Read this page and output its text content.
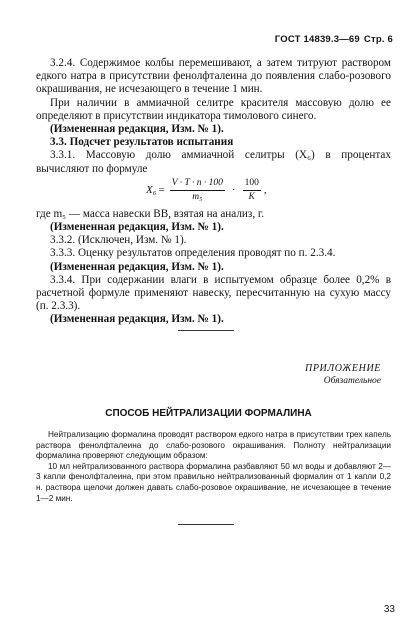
ГОСТ 14839.3—69 Стр. 6

3.2.4. Содержимое колбы перемешивают, а затем титруют раствором едкого натра в присутствии фенолфталеина до появления слабо-розового окрашивания, не исчезающего в течение 1 мин.

При наличии в аммиачной селитре красителя массовую долю ее определяют в присутствии индикатора тимолового синего.

(Измененная редакция, Изм. № 1).

3.3. Подсчет результатов испытания

3.3.1. Массовую долю аммиачной селитры (X₆) в процентах вычисляют по формуле

$X_6 = \frac{V \cdot T \cdot n \cdot 100}{\text{m₅}} \cdot \frac{100}{K}$ ,

где m₅ — масса навески ВВ, взятая на анализ, г.

(Измененная редакция, Изм. № 1).

3.3.2. (Исключен, Изм. № 1).

3.3.3. Оценку результатов определения проводят по п. 2.3.4.

(Измененная редакция, Изм. № 1).

3.3.4. При содержании влаги в испытуемом образце более 0,2% в расчетной формуле применяют навеску, пересчитанную на сухую массу (п. 2.3.3).

(Измененная редакция, Изм. № 1).

ПРИЛОЖЕНИЕ
Обязательное
СПОСОБ НЕЙТРАЛИЗАЦИИ ФОРМАЛИНА

Нейтрализацию формалина проводят раствором едкого натра в присутствии трех капель раствора фенолфталеина до слабо-розового окрашивания. Полноту нейтрализации формалина проверяют следующим образом:

10 мл нейтрализованного раствора формалина разбавляют 50 мл воды и добавляют 2—3 капли фенолфталеина, при этом правильно нейтрализованный формалин от 1 капли 0,2 н. раствора щелочи должен давать слабо-розовое окрашивание, не исчезающее в течение 1—2 мин.

33
